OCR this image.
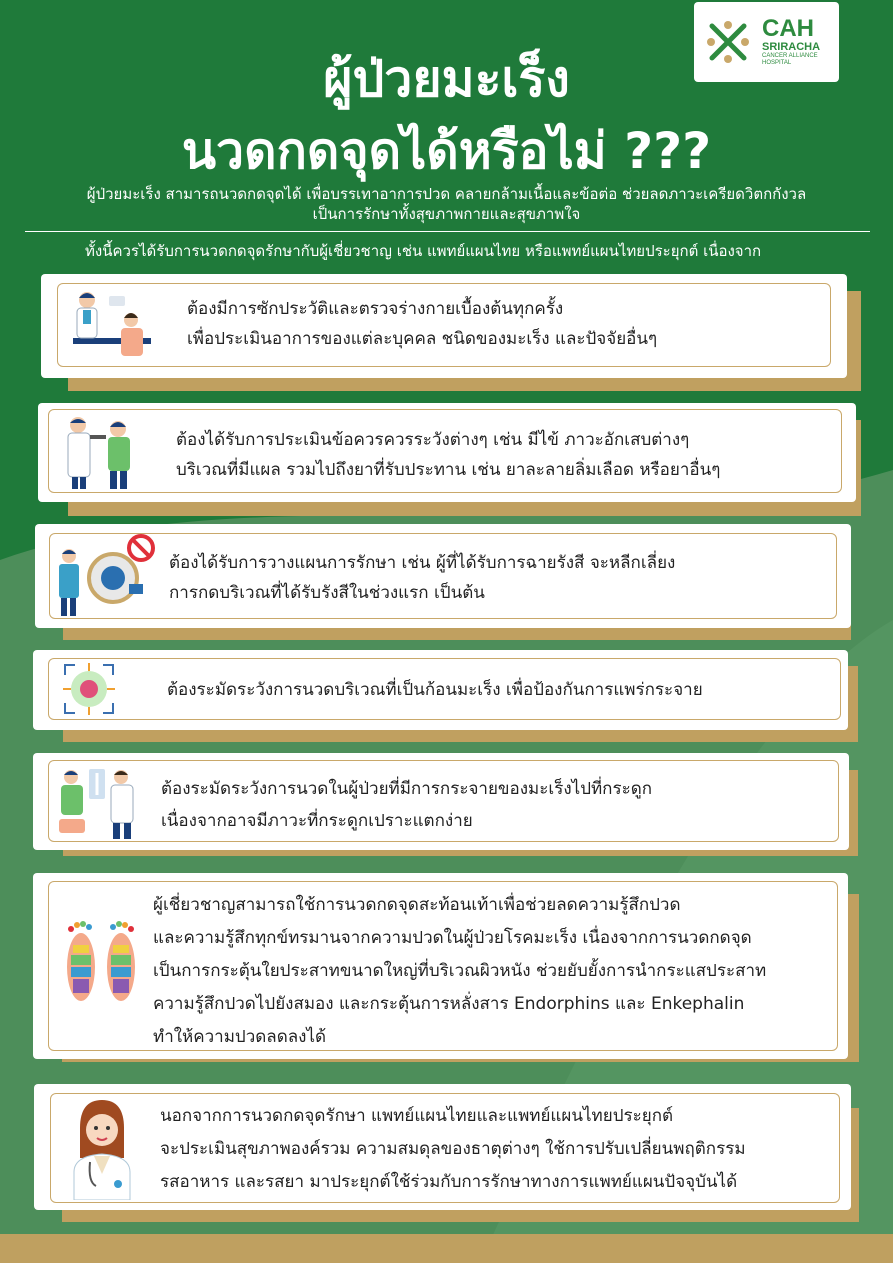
CAH
SRIRACHA
CANCER ALLIANCE
HOSPITAL
ผู้ป่วยมะเร็ง
นวดกดจุดได้หรือไม่ ???
ผู้ป่วยมะเร็ง สามารถนวดกดจุดได้ เพื่อบรรเทาอาการปวด คลายกล้ามเนื้อและข้อต่อ ช่วยลดภาวะเครียดวิตกกังวล
เป็นการรักษาทั้งสุขภาพกายและสุขภาพใจ
ทั้งนี้ควรได้รับการนวดกดจุดรักษากับผู้เชี่ยวชาญ เช่น แพทย์แผนไทย หรือแพทย์แผนไทยประยุกต์ เนื่องจาก
ต้องมีการซักประวัติและตรวจร่างกายเบื้องต้นทุกครั้ง
เพื่อประเมินอาการของแต่ละบุคคล ชนิดของมะเร็ง และปัจจัยอื่นๆ
ต้องได้รับการประเมินข้อควรควรระวังต่างๆ เช่น มีไข้ ภาวะอักเสบต่างๆ
บริเวณที่มีแผล รวมไปถึงยาที่รับประทาน เช่น ยาละลายลิ่มเลือด หรือยาอื่นๆ
ต้องได้รับการวางแผนการรักษา เช่น ผู้ที่ได้รับการฉายรังสี จะหลีกเลี่ยง
การกดบริเวณที่ได้รับรังสีในช่วงแรก เป็นต้น
ต้องระมัดระวังการนวดบริเวณที่เป็นก้อนมะเร็ง เพื่อป้องกันการแพร่กระจาย
ต้องระมัดระวังการนวดในผู้ป่วยที่มีการกระจายของมะเร็งไปที่กระดูก
เนื่องจากอาจมีภาวะที่กระดูกเปราะแตกง่าย
ผู้เชี่ยวชาญสามารถใช้การนวดกดจุดสะท้อนเท้าเพื่อช่วยลดความรู้สึกปวด
และความรู้สึกทุกข์ทรมานจากความปวดในผู้ป่วยโรคมะเร็ง เนื่องจากการนวดกดจุด
เป็นการกระตุ้นใยประสาทขนาดใหญ่ที่บริเวณผิวหนัง ช่วยยับยั้งการนำกระแสประสาท
ความรู้สึกปวดไปยังสมอง และกระตุ้นการหลั่งสาร Endorphins และ Enkephalin
ทำให้ความปวดลดลงได้
นอกจากการนวดกดจุดรักษา แพทย์แผนไทยและแพทย์แผนไทยประยุกต์
จะประเมินสุขภาพองค์รวม ความสมดุลของธาตุต่างๆ ใช้การปรับเปลี่ยนพฤติกรรม
รสอาหาร และรสยา มาประยุกต์ใช้ร่วมกับการรักษาทางการแพทย์แผนปัจจุบันได้
